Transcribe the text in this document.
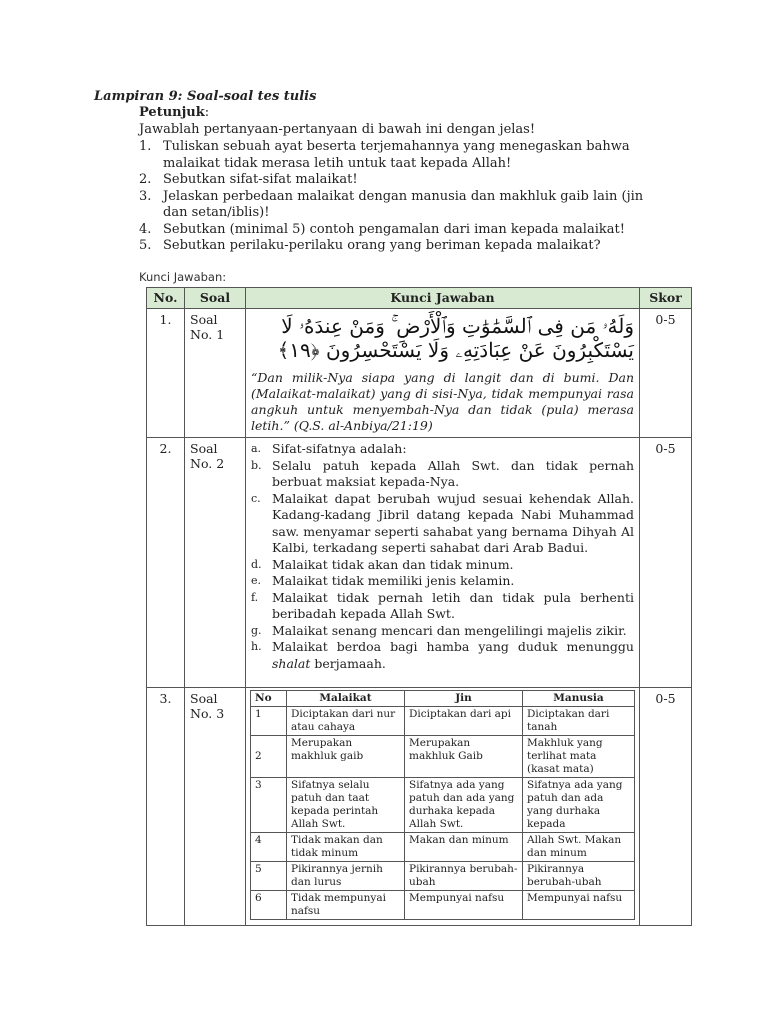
Lampiran 9: Soal-soal tes tulis
Petunjuk:
Jawablah pertanyaan-pertanyaan di bawah ini dengan jelas!
1. Tuliskan sebuah ayat beserta terjemahannya yang menegaskan bahwa malaikat tidak merasa letih untuk taat kepada Allah!
2. Sebutkan sifat-sifat malaikat!
3. Jelaskan perbedaan malaikat dengan manusia dan makhluk gaib lain (jin dan setan/iblis)!
4. Sebutkan (minimal 5) contoh pengamalan dari iman kepada malaikat!
5. Sebutkan perilaku-perilaku orang yang beriman kepada malaikat?
Kunci Jawaban:
No.	Soal	Kunci Jawaban	Skor
1.	Soal No. 1	وَلَهُۥ مَن فِى ٱلسَّمَٰوَٰتِ وَٱلْأَرْضِ ۚ وَمَنْ عِندَهُۥ لَا يَسْتَكْبِرُونَ عَنْ عِبَادَتِهِۦ وَلَا يَسْتَحْسِرُونَ ﴿١٩﴾
“Dan milik-Nya siapa yang di langit dan di bumi. Dan (Malaikat-malaikat) yang di sisi-Nya, tidak mempunyai rasa angkuh untuk menyembah-Nya dan tidak (pula) merasa letih.” (Q.S. al-Anbiya/21:19)
	0-5
2.	Soal No. 2	
a. Sifat-sifatnya adalah:
b. Selalu patuh kepada Allah Swt. dan tidak pernah berbuat maksiat kepada-Nya.
c. Malaikat dapat berubah wujud sesuai kehendak Allah. Kadang-kadang Jibril datang kepada Nabi Muhammad saw. menyamar seperti sahabat yang bernama Dihyah Al Kalbi, terkadang seperti sahabat dari Arab Badui.
d. Malaikat tidak akan dan tidak minum.
e. Malaikat tidak memiliki jenis kelamin.
f. Malaikat tidak pernah letih dan tidak pula berhenti beribadah kepada Allah Swt.
g. Malaikat senang mencari dan mengelilingi majelis zikir.
h. Malaikat berdoa bagi hamba yang duduk menunggu shalat berjamaah.
	0-5
3.	Soal No. 3	
No	Malaikat	Jin	Manusia
1	Diciptakan dari nur atau cahaya	Diciptakan dari api	Diciptakan dari tanah
2	Merupakan makhluk gaib	Merupakan makhluk Gaib	Makhluk yang terlihat mata (kasat mata)
3	Sifatnya selalu patuh dan taat kepada perintah Allah Swt.	Sifatnya ada yang patuh dan ada yang durhaka kepada Allah Swt.	Sifatnya ada yang patuh dan ada yang durhaka kepada
4	Tidak makan dan tidak minum	Makan dan minum	Allah Swt. Makan dan minum
5	Pikirannya jernih dan lurus	Pikirannya berubah- ubah	Pikirannya berubah-ubah
6	Tidak mempunyai nafsu	Mempunyai nafsu	Mempunyai nafsu
	0-5
